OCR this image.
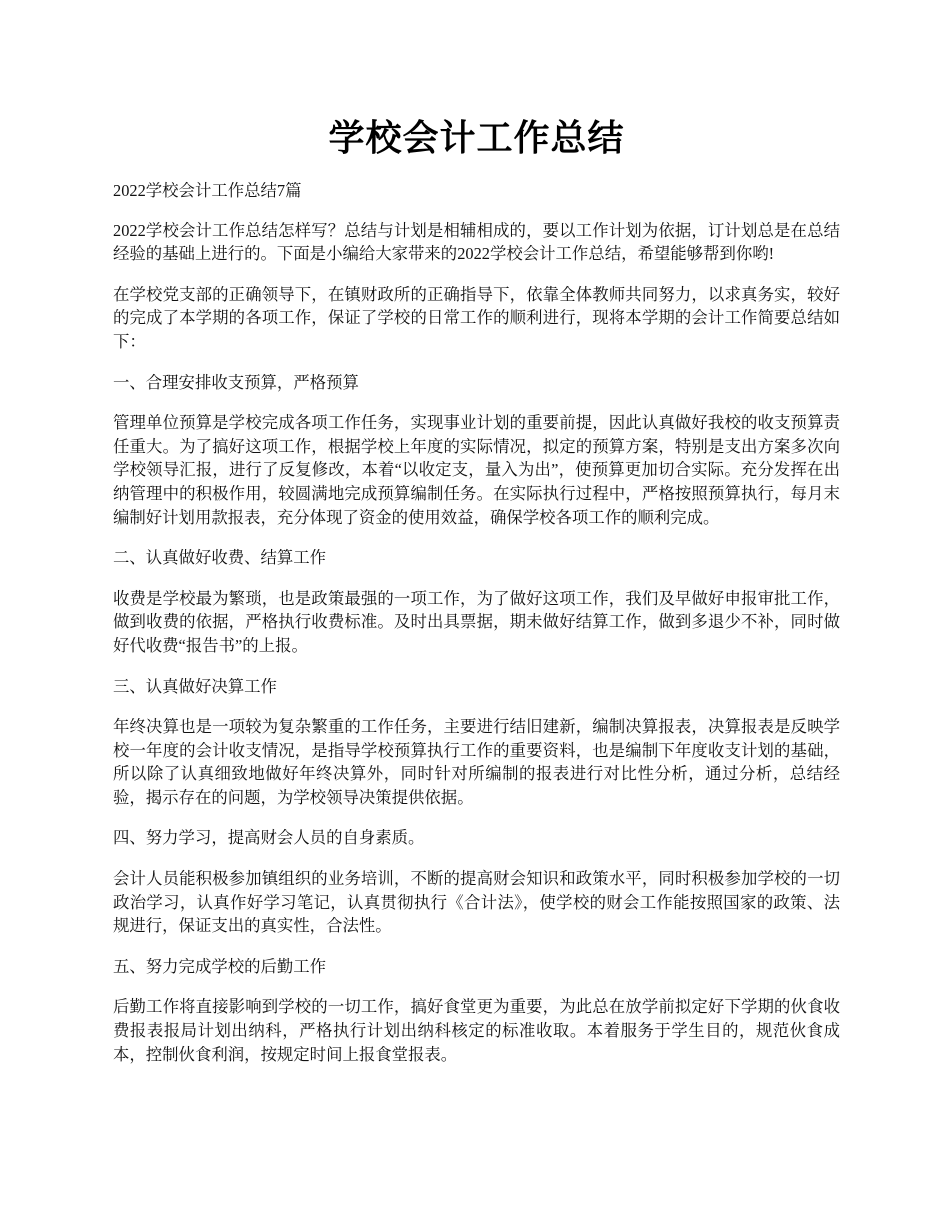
学校会计工作总结

2022学校会计工作总结7篇

2022学校会计工作总结怎样写？总结与计划是相辅相成的，要以工作计划为依据，订计划总是在总结经验的基础上进行的。下面是小编给大家带来的2022学校会计工作总结，希望能够帮到你哟!

在学校党支部的正确领导下，在镇财政所的正确指导下，依靠全体教师共同努力，以求真务实，较好的完成了本学期的各项工作，保证了学校的日常工作的顺利进行，现将本学期的会计工作简要总结如下：

一、合理安排收支预算，严格预算

管理单位预算是学校完成各项工作任务，实现事业计划的重要前提，因此认真做好我校的收支预算责任重大。为了搞好这项工作，根据学校上年度的实际情况，拟定的预算方案，特别是支出方案多次向学校领导汇报，进行了反复修改，本着“以收定支，量入为出”，使预算更加切合实际。充分发挥在出纳管理中的积极作用，较圆满地完成预算编制任务。在实际执行过程中，严格按照预算执行，每月末编制好计划用款报表，充分体现了资金的使用效益，确保学校各项工作的顺利完成。

二、认真做好收费、结算工作

收费是学校最为繁琐，也是政策最强的一项工作，为了做好这项工作，我们及早做好申报审批工作，做到收费的依据，严格执行收费标准。及时出具票据，期未做好结算工作，做到多退少不补，同时做好代收费“报告书”的上报。

三、认真做好决算工作

年终决算也是一项较为复杂繁重的工作任务，主要进行结旧建新，编制决算报表，决算报表是反映学校一年度的会计收支情况，是指导学校预算执行工作的重要资料，也是编制下年度收支计划的基础，所以除了认真细致地做好年终决算外，同时针对所编制的报表进行对比性分析，通过分析，总结经验，揭示存在的问题，为学校领导决策提供依据。

四、努力学习，提高财会人员的自身素质。

会计人员能积极参加镇组织的业务培训，不断的提高财会知识和政策水平，同时积极参加学校的一切政治学习，认真作好学习笔记，认真贯彻执行《合计法》，使学校的财会工作能按照国家的政策、法规进行，保证支出的真实性，合法性。

五、努力完成学校的后勤工作

后勤工作将直接影响到学校的一切工作，搞好食堂更为重要，为此总在放学前拟定好下学期的伙食收费报表报局计划出纳科，严格执行计划出纳科核定的标准收取。本着服务于学生目的，规范伙食成本，控制伙食利润，按规定时间上报食堂报表。
